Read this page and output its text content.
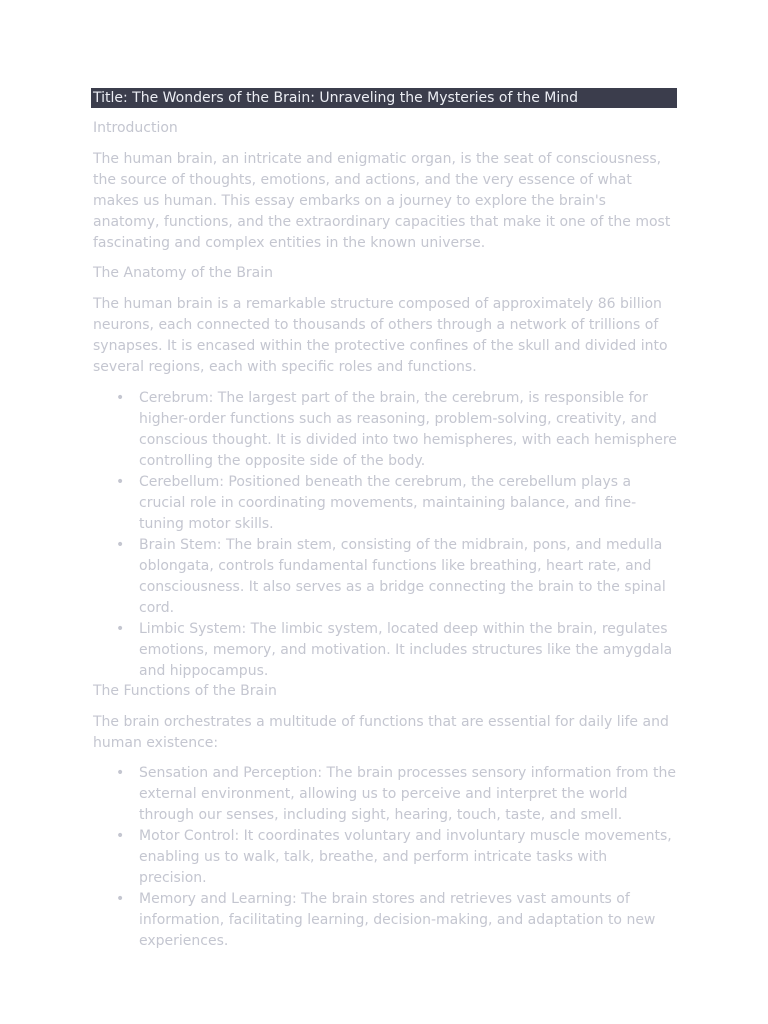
Title: The Wonders of the Brain: Unraveling the Mysteries of the Mind

Introduction

The human brain, an intricate and enigmatic organ, is the seat of consciousness, the source of thoughts, emotions, and actions, and the very essence of what makes us human. This essay embarks on a journey to explore the brain's anatomy, functions, and the extraordinary capacities that make it one of the most fascinating and complex entities in the known universe.

The Anatomy of the Brain

The human brain is a remarkable structure composed of approximately 86 billion neurons, each connected to thousands of others through a network of trillions of synapses. It is encased within the protective confines of the skull and divided into several regions, each with specific roles and functions.

• Cerebrum: The largest part of the brain, the cerebrum, is responsible for higher-order functions such as reasoning, problem-solving, creativity, and conscious thought. It is divided into two hemispheres, with each hemisphere controlling the opposite side of the body.
• Cerebellum: Positioned beneath the cerebrum, the cerebellum plays a crucial role in coordinating movements, maintaining balance, and fine-tuning motor skills.
• Brain Stem: The brain stem, consisting of the midbrain, pons, and medulla oblongata, controls fundamental functions like breathing, heart rate, and consciousness. It also serves as a bridge connecting the brain to the spinal cord.
• Limbic System: The limbic system, located deep within the brain, regulates emotions, memory, and motivation. It includes structures like the amygdala and hippocampus.

The Functions of the Brain

The brain orchestrates a multitude of functions that are essential for daily life and human existence:

• Sensation and Perception: The brain processes sensory information from the external environment, allowing us to perceive and interpret the world through our senses, including sight, hearing, touch, taste, and smell.
• Motor Control: It coordinates voluntary and involuntary muscle movements, enabling us to walk, talk, breathe, and perform intricate tasks with precision.
• Memory and Learning: The brain stores and retrieves vast amounts of information, facilitating learning, decision-making, and adaptation to new experiences.
